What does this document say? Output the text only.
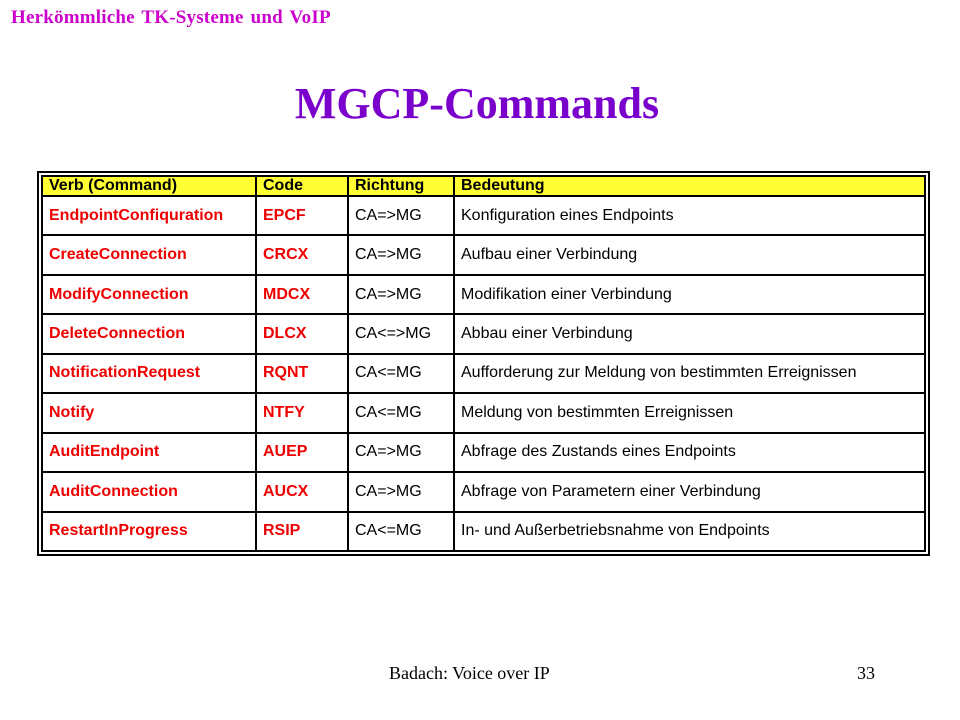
Herkömmliche TK-Systeme und VoIP
MGCP-Commands
Verb (Command)	Code	Richtung	Bedeutung
EndpointConfiquration	EPCF	CA=>MG	Konfiguration eines Endpoints
CreateConnection	CRCX	CA=>MG	Aufbau einer Verbindung
ModifyConnection	MDCX	CA=>MG	Modifikation einer Verbindung
DeleteConnection	DLCX	CA<=>MG	Abbau einer Verbindung
NotificationRequest	RQNT	CA<=MG	Aufforderung zur Meldung von bestimmten Erreignissen
Notify	NTFY	CA<=MG	Meldung von bestimmten Erreignissen
AuditEndpoint	AUEP	CA=>MG	Abfrage des Zustands eines Endpoints
AuditConnection	AUCX	CA=>MG	Abfrage von Parametern einer Verbindung
RestartInProgress	RSIP	CA<=MG	In- und Außerbetriebsnahme von Endpoints
Badach: Voice over IP	33
